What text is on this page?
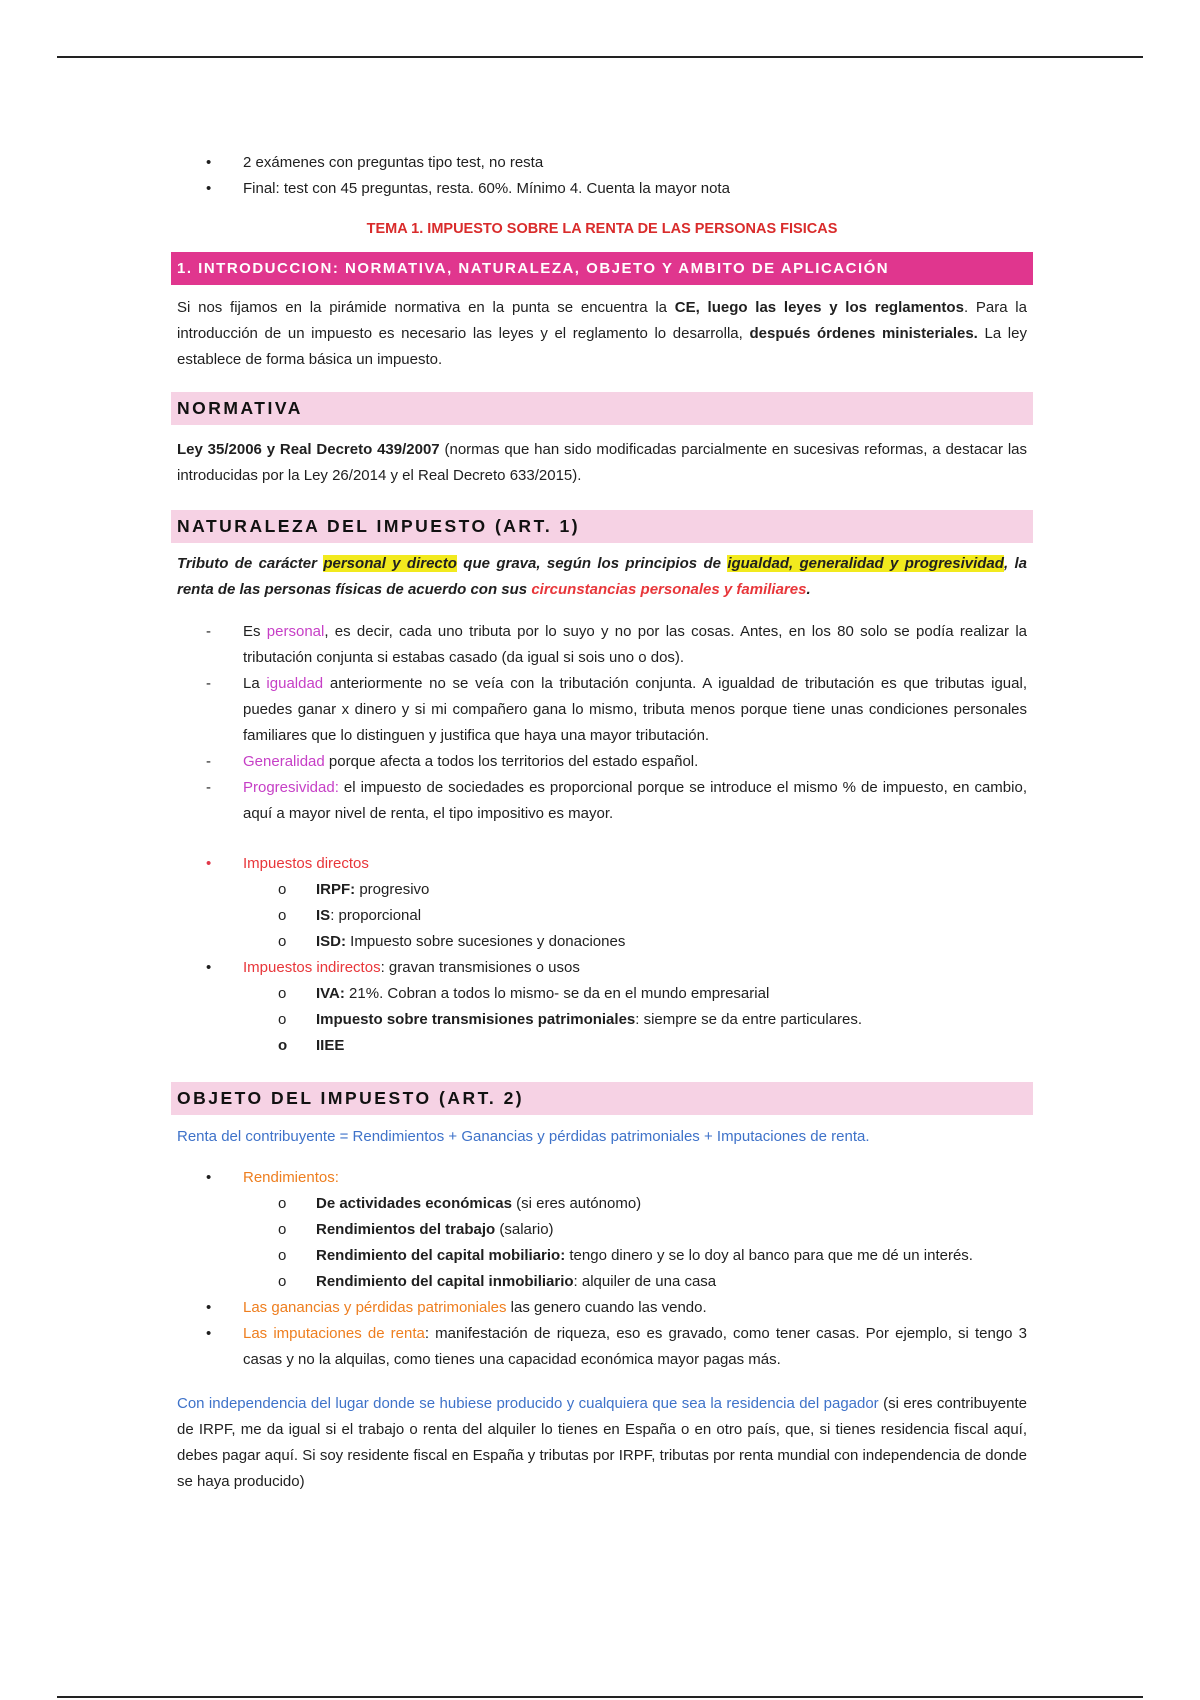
• 2 exámenes con preguntas tipo test, no resta
• Final: test con 45 preguntas, resta. 60%. Mínimo 4. Cuenta la mayor nota
TEMA 1. IMPUESTO SOBRE LA RENTA DE LAS PERSONAS FISICAS
1. INTRODUCCION: NORMATIVA, NATURALEZA, OBJETO Y AMBITO DE APLICACIÓN

Si nos fijamos en la pirámide normativa en la punta se encuentra la CE, luego las leyes y los reglamentos. Para la introducción de un impuesto es necesario las leyes y el reglamento lo desarrolla, después órdenes ministeriales. La ley establece de forma básica un impuesto.

NORMATIVA

Ley 35/2006 y Real Decreto 439/2007 (normas que han sido modificadas parcialmente en sucesivas reformas, a destacar las introducidas por la Ley 26/2014 y el Real Decreto 633/2015).

NATURALEZA DEL IMPUESTO (ART. 1)

Tributo de carácter personal y directo que grava, según los principios de igualdad, generalidad y progresividad, la renta de las personas físicas de acuerdo con sus circunstancias personales y familiares.

- Es personal, es decir, cada uno tributa por lo suyo y no por las cosas. Antes, en los 80 solo se podía realizar la tributación conjunta si estabas casado (da igual si sois uno o dos).

- La igualdad anteriormente no se veía con la tributación conjunta. A igualdad de tributación es que tributas igual, puedes ganar x dinero y si mi compañero gana lo mismo, tributa menos porque tiene unas condiciones personales familiares que lo distinguen y justifica que haya una mayor tributación.

- Generalidad porque afecta a todos los territorios del estado español.

- Progresividad: el impuesto de sociedades es proporcional porque se introduce el mismo % de impuesto, en cambio, aquí a mayor nivel de renta, el tipo impositivo es mayor.

• Impuestos directos
o IRPF: progresivo
o IS: proporcional
o ISD: Impuesto sobre sucesiones y donaciones
• Impuestos indirectos: gravan transmisiones o usos
o IVA: 21%. Cobran a todos lo mismo- se da en el mundo empresarial
o Impuesto sobre transmisiones patrimoniales: siempre se da entre particulares.
o IIEE
OBJETO DEL IMPUESTO (ART. 2)

Renta del contribuyente = Rendimientos + Ganancias y pérdidas patrimoniales + Imputaciones de renta.

• Rendimientos:
o De actividades económicas (si eres autónomo)
o Rendimientos del trabajo (salario)
o Rendimiento del capital mobiliario: tengo dinero y se lo doy al banco para que me dé un interés.

o Rendimiento del capital inmobiliario: alquiler de una casa
• Las ganancias y pérdidas patrimoniales las genero cuando las vendo.
• Las imputaciones de renta: manifestación de riqueza, eso es gravado, como tener casas. Por ejemplo, si tengo 3 casas y no la alquilas, como tienes una capacidad económica mayor pagas más.

Con independencia del lugar donde se hubiese producido y cualquiera que sea la residencia del pagador (si eres contribuyente de IRPF, me da igual si el trabajo o renta del alquiler lo tienes en España o en otro país, que, si tienes residencia fiscal aquí, debes pagar aquí. Si soy residente fiscal en España y tributas por IRPF, tributas por renta mundial con independencia de donde se haya producido)
